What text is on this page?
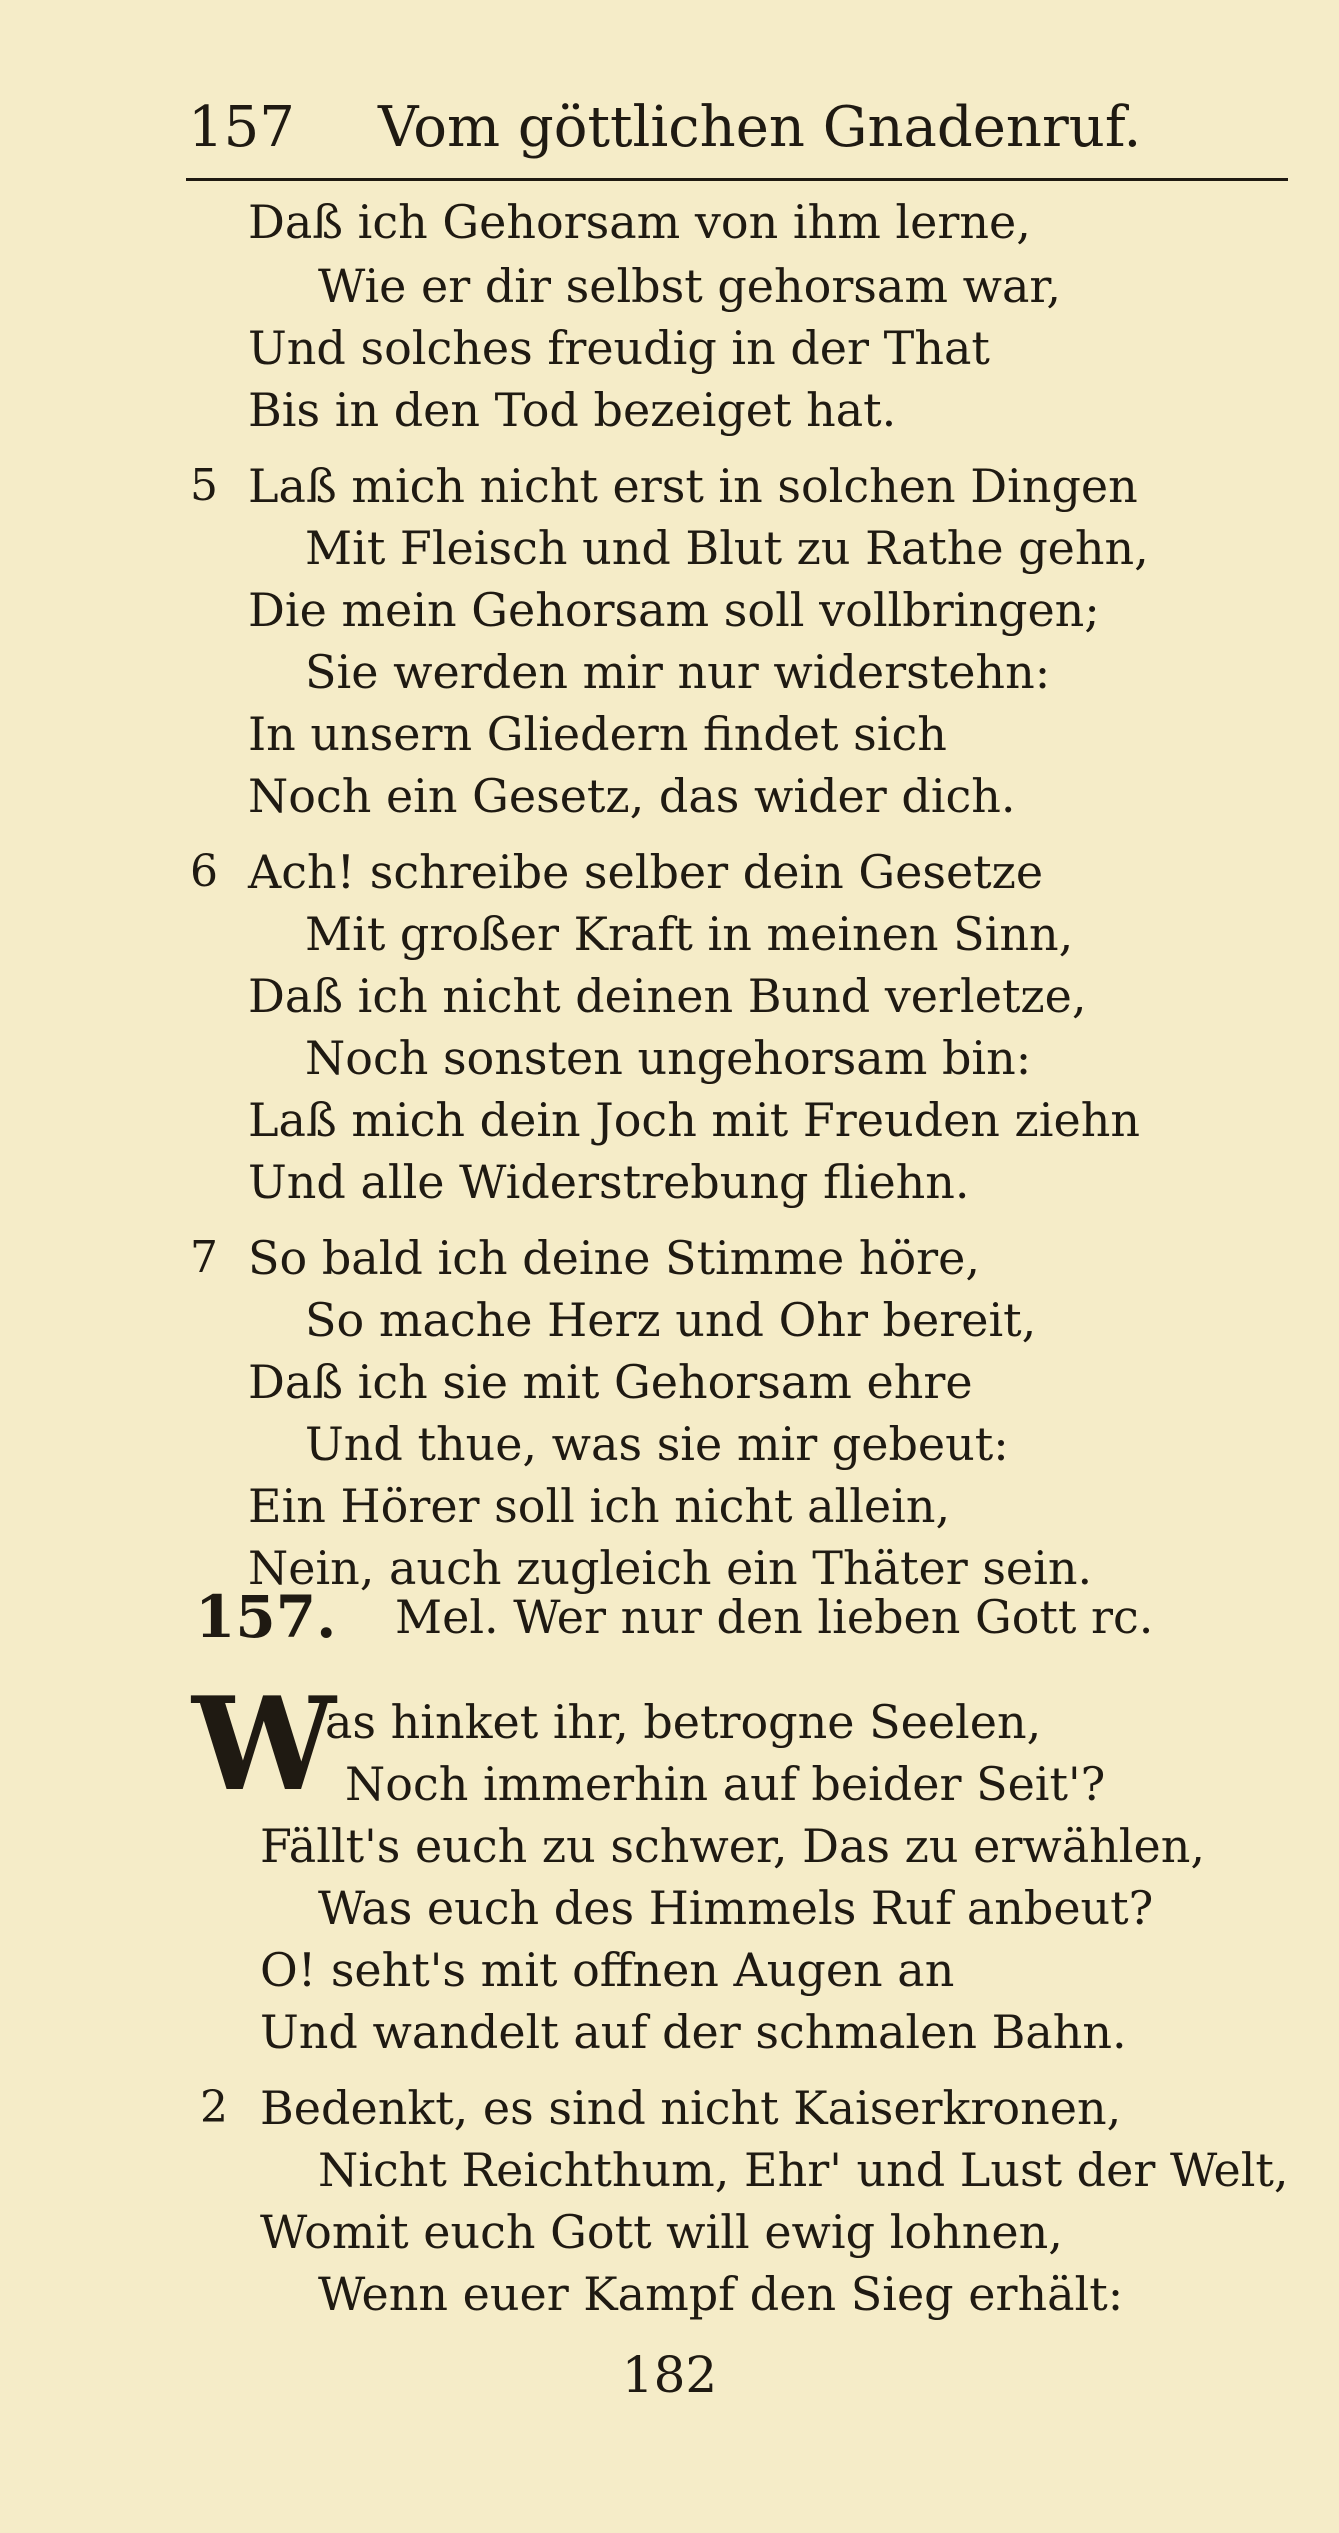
157 Vom göttlichen Gnadenruf.
Daß ich Gehorsam von ihm lerne,
Wie er dir selbst gehorsam war,
Und solches freudig in der That
Bis in den Tod bezeiget hat.
5 Laß mich nicht erst in solchen Dingen
Mit Fleisch und Blut zu Rathe gehn,
Die mein Gehorsam soll vollbringen;
Sie werden mir nur widerstehn:
In unsern Gliedern findet sich
Noch ein Gesetz, das wider dich.
6 Ach! schreibe selber dein Gesetze
Mit großer Kraft in meinen Sinn,
Daß ich nicht deinen Bund verletze,
Noch sonsten ungehorsam bin:
Laß mich dein Joch mit Freuden ziehn
Und alle Widerstrebung fliehn.
7 So bald ich deine Stimme höre,
So mache Herz und Ohr bereit,
Daß ich sie mit Gehorsam ehre
Und thue, was sie mir gebeut:
Ein Hörer soll ich nicht allein,
Nein, auch zugleich ein Thäter sein.
157. Mel. Wer nur den lieben Gott rc.
W
as hinket ihr, betrogne Seelen,
Noch immerhin auf beider Seit'?
Fällt's euch zu schwer, Das zu erwählen,
Was euch des Himmels Ruf anbeut?
O! seht's mit offnen Augen an
Und wandelt auf der schmalen Bahn.
2 Bedenkt, es sind nicht Kaiserkronen,
Nicht Reichthum, Ehr' und Lust der Welt,
Womit euch Gott will ewig lohnen,
Wenn euer Kampf den Sieg erhält:
182
